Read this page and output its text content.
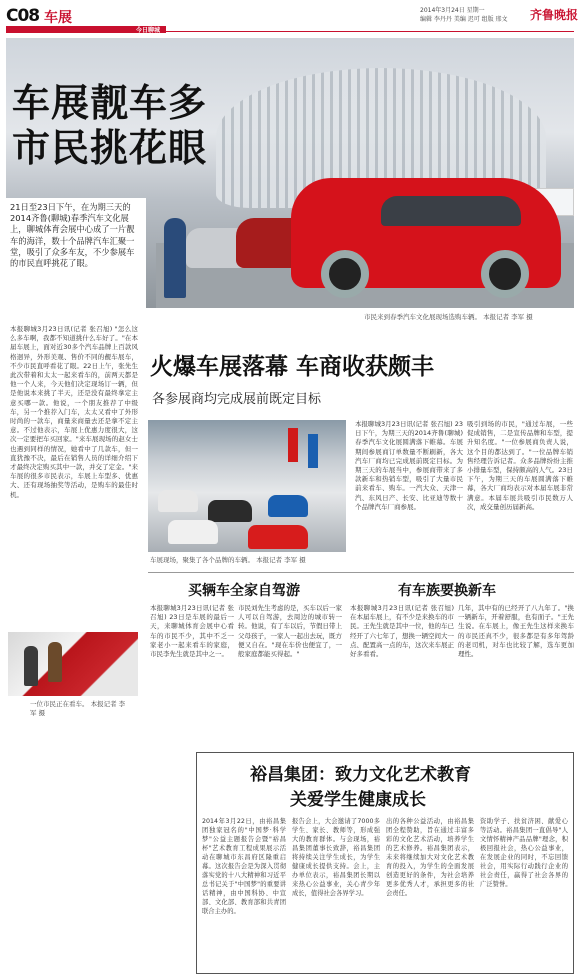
C08 车展
今日聊城
2014年3月24日 星期一
编辑 李丹丹 美编 迟可 组版 邢文 齐鲁晚报
车展靓车多
市民挑花眼
21日至23日下午，在为期三天的2014齐鲁(聊城)春季汽车文化展上，聊城体育会展中心成了一片靓车的海洋，数十个品牌汽车汇聚一堂，吸引了众多车友，不少参展车的市民直呼挑花了眼。
市民来到春季汽车文化展现场选购车辆。 本报记者 李军 摄
本报聊城3月23日讯(记者 张召旭) "怎么这么多车啊，我都不知道挑什么车好了。"在本届车展上，面对近30多个汽车品牌上百款风格迥异，外形美观、售价不同的靓车展车，不少市民直呼看花了眼。22日上午，张先生此次带着和太太一起来看车的，前两天都是他一个人来，今天他们决定现场订一辆，但是他说本来挑了半天，还是没有最终拿定主意买哪一款。他说，一个朋友推荐了中级车，另一个推荐入门车，太太又看中了外形时尚的一款车，商量来商量去还是拿不定主意。不过他表示，车展上优惠力度很大，这次一定要把车买回家。"来车展现场的赵女士也遇到同样的情况，她看中了几款车，但一直犹豫不决，最后在销售人员的详细介绍下才最终决定购买其中一款，并交了定金。"来车展的很多市民表示，车展上车型多、优惠大、还有现场抽奖等活动，是购车的最佳时机。
火爆车展落幕 车商收获颇丰
各参展商均完成展前既定目标
车展现场，聚集了各个品牌的车辆。 本报记者 李军 摄
本报聊城3月23日讯(记者 张召旭) 23日下午，为期三天的2014齐鲁(聊城)春季汽车文化展圆满落下帷幕。车展期间参展商订单数量不断刷新，各大汽车厂商均已完成展前既定目标。为期三天的车展当中，参展商带来了多款新车和热销车型，吸引了大量市民前来看车、购车。一汽大众、天津一汽、东风日产、长安、比亚迪等数十个品牌汽车厂商参展。
吸引到场的市民，"通过车展，一些促成销售，二是宣传品牌和车型，提升知名度。"一位参展商负责人说，这个目的都达到了。"一位品牌车销售经理告诉记者。众多品牌纷纷主推小排量车型，保持颇高的人气。23日下午，为期三天的车展圆满落下帷幕，各大厂商均表示对本届车展非常满意。本届车展共吸引市民数万人次，成交量创历届新高。
买辆车全家自驾游	有车族要换新车
本报聊城3月23日讯(记者 张召旭) 23日是车展的最后一天，来聊城体育会展中心看车的市民不少，其中不乏一家老小一起来看车的家庭，市民李先生就是其中之一。
市民刘先生考虑的是，买车以后一家人可以自驾游，去周边的城市转一转。他说，有了车以后，节假日带上父母孩子，一家人一起出去玩，既方便又自在。"现在车价也便宜了，一般家庭都能买得起。"
本报聊城3月23日讯(记者 张召旭) 在本届车展上，有不少是来换车的市民。王先生就是其中一位，他的车已经开了六七年了，想换一辆空间大一点、配置高一点的车，这次来车展正好多看看。
几年，其中有的已经开了八九年了。"换一辆新车，开着舒服，也有面子。"王先生说。在车展上，像王先生这样来换车的市民还真不少，很多都是有多年驾龄的老司机，对车也比较了解，选车更加理性。
一位市民正在看车。 本报记者 李军 摄
裕昌集团：致力文化艺术教育
关爱学生健康成长
2014年3月22日，由裕昌集团独家冠名的"中国梦·科学梦"公益主题报告会暨"裕昌杯"艺术教育工程成果展示活动在聊城市东昌府区隆重启幕。这次报告会是为深入贯彻落实党的十八大精神和习近平总书记关于"中国梦"的重要讲话精神，由中国科协、中宣部、文化部、教育部和共青团联合主办的。
报告会上，大会邀请了7000多学生、家长、教师等，形成强大的教育群体。与会现场，裕昌集团董事长致辞，裕昌集团将持续关注学生成长，为学生健康成长提供支持。会上，主办单位表示，裕昌集团长期以来热心公益事业，关心青少年成长，值得社会各界学习。
出的各种公益活动，由裕昌集团全程赞助，旨在通过丰富多彩的文化艺术活动，培养学生的艺术修养。裕昌集团表示，未来将继续加大对文化艺术教育的投入，为学生的全面发展创造更好的条件，为社会培养更多优秀人才，承担更多的社会责任。
资助学子、扶贫济困、献爱心等活动。裕昌集团一直倡导"人文情怀精神产品品牌"理念，积极回报社会，热心公益事业，在发展企业的同时，不忘回馈社会，用实际行动践行企业的社会责任，赢得了社会各界的广泛赞誉。
